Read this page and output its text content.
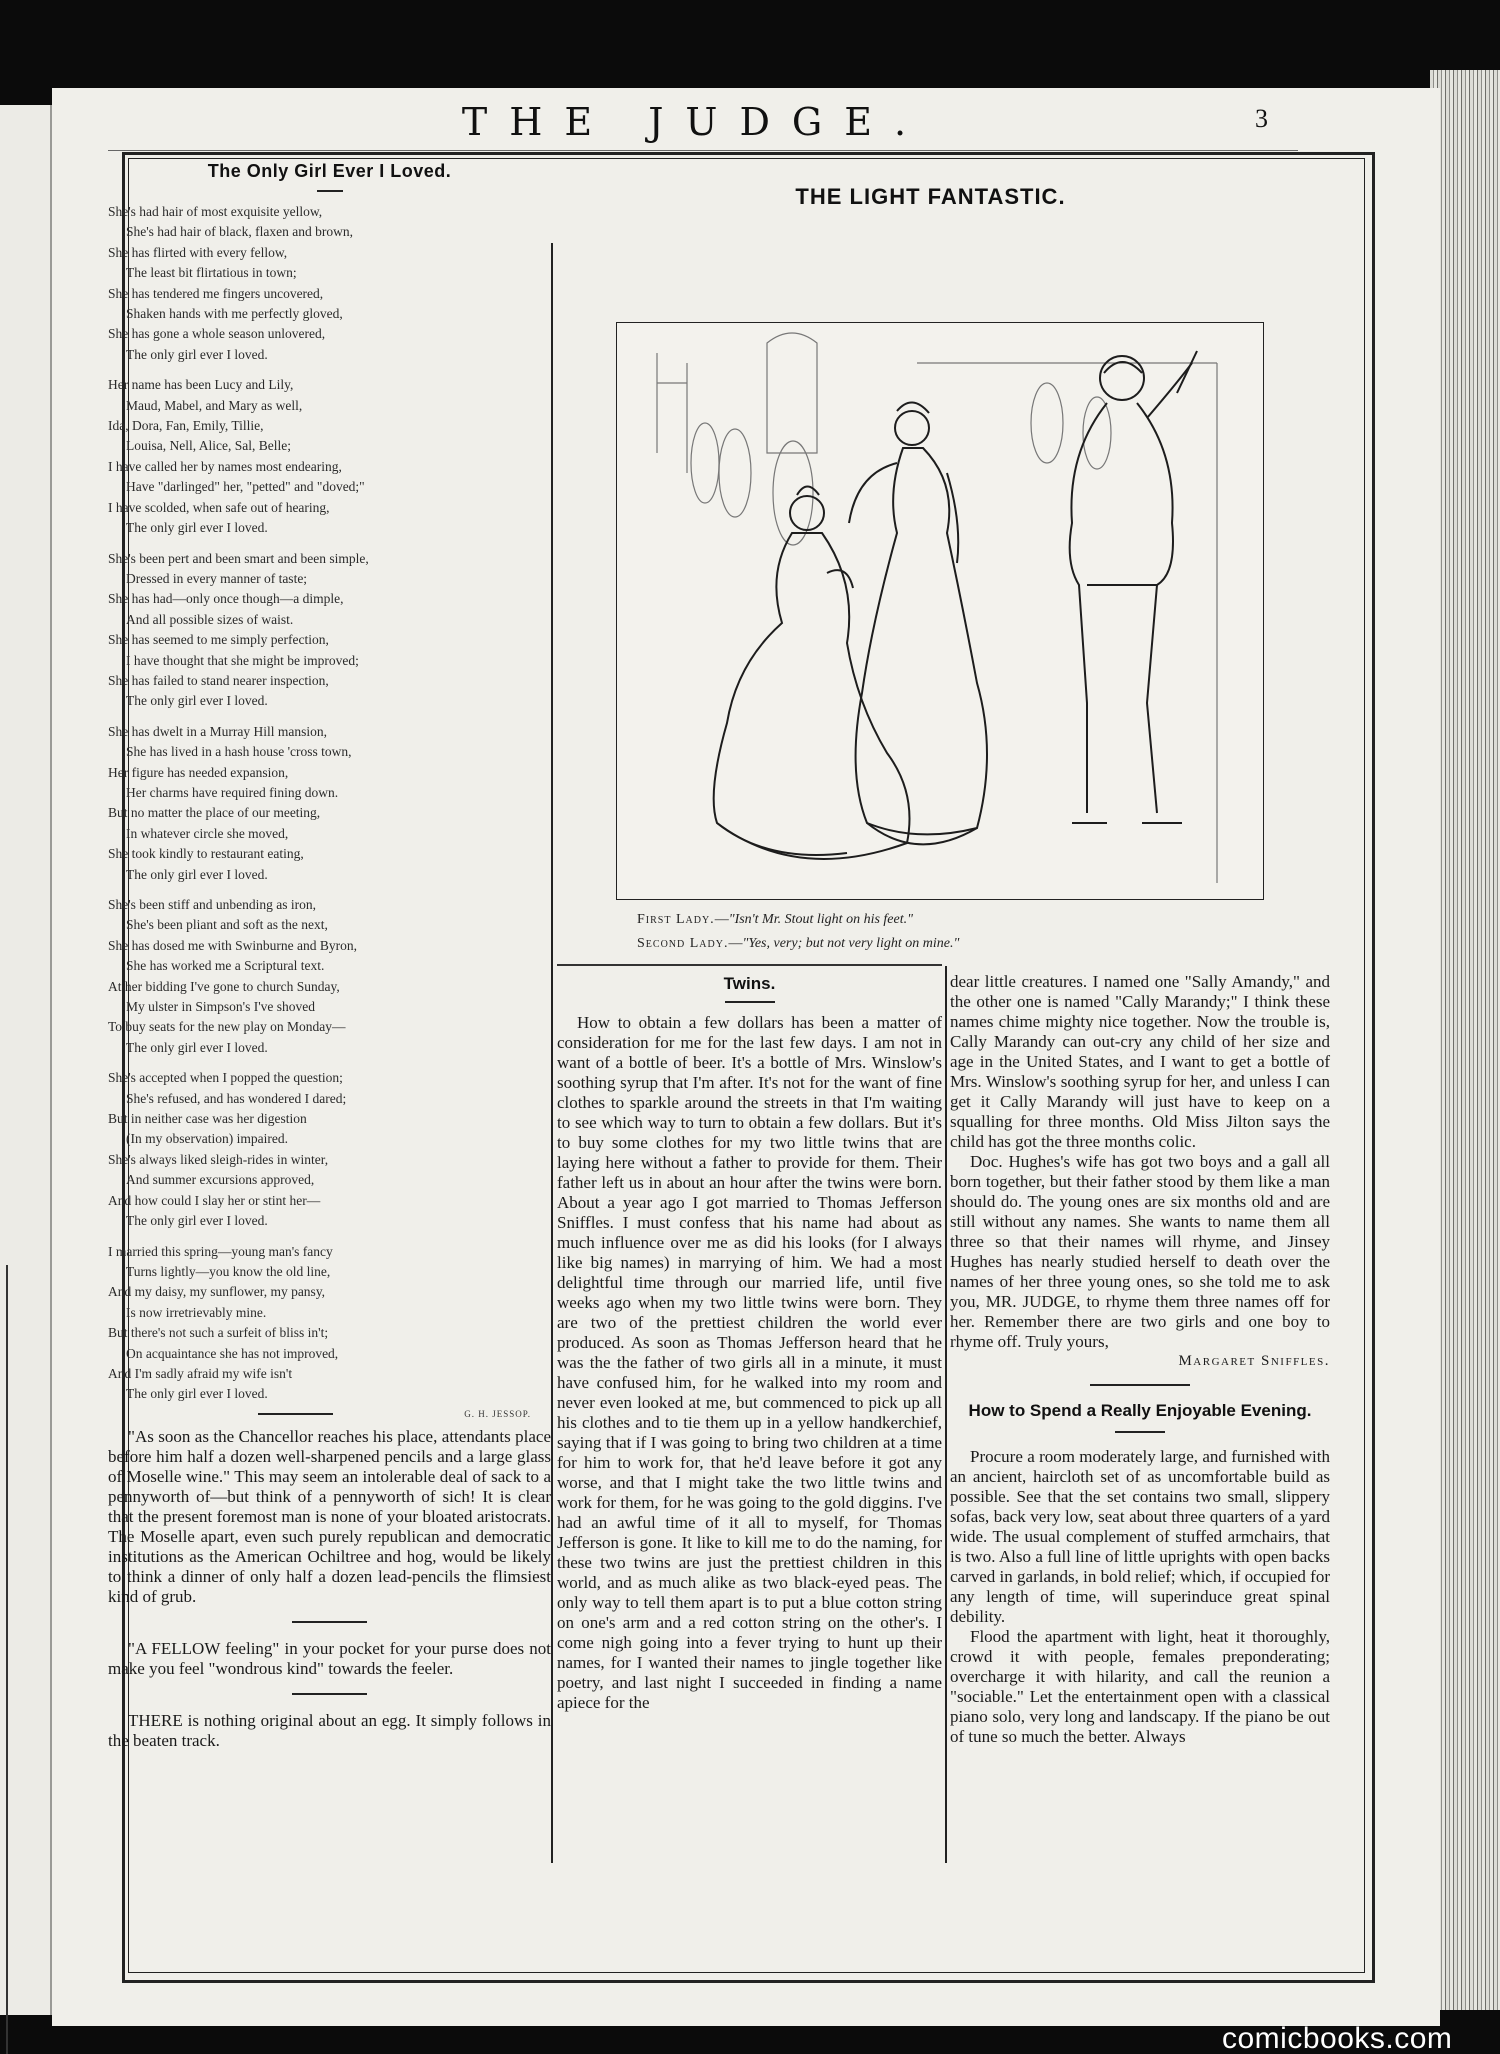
THE JUDGE.	3
The Only Girl Ever I Loved.
She's had hair of most exquisite yellow,
She's had hair of black, flaxen and brown,
She has flirted with every fellow,
The least bit flirtatious in town;
She has tendered me fingers uncovered,
Shaken hands with me perfectly gloved,
She has gone a whole season unlovered,
The only girl ever I loved.
Her name has been Lucy and Lily,
Maud, Mabel, and Mary as well,
Ida, Dora, Fan, Emily, Tillie,
Louisa, Nell, Alice, Sal, Belle;
I have called her by names most endearing,
Have "darlinged" her, "petted" and "doved;"
I have scolded, when safe out of hearing,
The only girl ever I loved.
She's been pert and been smart and been simple,
Dressed in every manner of taste;
She has had—only once though—a dimple,
And all possible sizes of waist.
She has seemed to me simply perfection,
I have thought that she might be improved;
She has failed to stand nearer inspection,
The only girl ever I loved.
She has dwelt in a Murray Hill mansion,
She has lived in a hash house 'cross town,
Her figure has needed expansion,
Her charms have required fining down.
But no matter the place of our meeting,
In whatever circle she moved,
She took kindly to restaurant eating,
The only girl ever I loved.
She's been stiff and unbending as iron,
She's been pliant and soft as the next,
She has dosed me with Swinburne and Byron,
She has worked me a Scriptural text.
At her bidding I've gone to church Sunday,
My ulster in Simpson's I've shoved
To buy seats for the new play on Monday—
The only girl ever I loved.
She's accepted when I popped the question;
She's refused, and has wondered I dared;
But in neither case was her digestion
(In my observation) impaired.
She's always liked sleigh-rides in winter,
And summer excursions approved,
And how could I slay her or stint her—
The only girl ever I loved.
I married this spring—young man's fancy
Turns lightly—you know the old line,
And my daisy, my sunflower, my pansy,
Is now irretrievably mine.
But there's not such a surfeit of bliss in't;
On acquaintance she has not improved,
And I'm sadly afraid my wife isn't
The only girl ever I loved.
G. H. JESSOP.

"As soon as the Chancellor reaches his place, attendants place before him half a dozen well-sharpened pencils and a large glass of Moselle wine." This may seem an intolerable deal of sack to a pennyworth of—but think of a pennyworth of sich! It is clear that the present foremost man is none of your bloated aristocrats. The Moselle apart, even such purely republican and democratic institutions as the American Ochiltree and hog, would be likely to think a dinner of only half a dozen lead-pencils the flimsiest kind of grub.

"A FELLOW feeling" in your pocket for your purse does not make you feel "wondrous kind" towards the feeler.

THERE is nothing original about an egg. It simply follows in the beaten track.

THE LIGHT FANTASTIC.
First Lady.—"Isn't Mr. Stout light on his feet."
Second Lady.—"Yes, very; but not very light on mine."
Twins.

How to obtain a few dollars has been a matter of consideration for me for the last few days. I am not in want of a bottle of beer. It's a bottle of Mrs. Winslow's soothing syrup that I'm after. It's not for the want of fine clothes to sparkle around the streets in that I'm waiting to see which way to turn to obtain a few dollars. But it's to buy some clothes for my two little twins that are laying here without a father to provide for them. Their father left us in about an hour after the twins were born. About a year ago I got married to Thomas Jefferson Sniffles. I must confess that his name had about as much influence over me as did his looks (for I always like big names) in marrying of him. We had a most delightful time through our married life, until five weeks ago when my two little twins were born. They are two of the prettiest children the world ever produced. As soon as Thomas Jefferson heard that he was the the father of two girls all in a minute, it must have confused him, for he walked into my room and never even looked at me, but commenced to pick up all his clothes and to tie them up in a yellow handkerchief, saying that if I was going to bring two children at a time for him to work for, that he'd leave before it got any worse, and that I might take the two little twins and work for them, for he was going to the gold diggins. I've had an awful time of it all to myself, for Thomas Jefferson is gone. It like to kill me to do the naming, for these two twins are just the prettiest children in this world, and as much alike as two black-eyed peas. The only way to tell them apart is to put a blue cotton string on one's arm and a red cotton string on the other's. I come nigh going into a fever trying to hunt up their names, for I wanted their names to jingle together like poetry, and last night I succeeded in finding a name apiece for the

dear little creatures. I named one "Sally Amandy," and the other one is named "Cally Marandy;" I think these names chime mighty nice together. Now the trouble is, Cally Marandy can out-cry any child of her size and age in the United States, and I want to get a bottle of Mrs. Winslow's soothing syrup for her, and unless I can get it Cally Marandy will just have to keep on a squalling for three months. Old Miss Jilton says the child has got the three months colic.

Doc. Hughes's wife has got two boys and a gall all born together, but their father stood by them like a man should do. The young ones are six months old and are still without any names. She wants to name them all three so that their names will rhyme, and Jinsey Hughes has nearly studied herself to death over the names of her three young ones, so she told me to ask you, MR. JUDGE, to rhyme them three names off for her. Remember there are two girls and one boy to rhyme off. Truly yours,

Margaret Sniffles.
How to Spend a Really Enjoyable Evening.

Procure a room moderately large, and furnished with an ancient, haircloth set of as uncomfortable build as possible. See that the set contains two small, slippery sofas, back very low, seat about three quarters of a yard wide. The usual complement of stuffed armchairs, that is two. Also a full line of little uprights with open backs carved in garlands, in bold relief; which, if occupied for any length of time, will superinduce great spinal debility.

Flood the apartment with light, heat it thoroughly, crowd it with people, females preponderating; overcharge it with hilarity, and call the reunion a "sociable." Let the entertainment open with a classical piano solo, very long and landscapy. If the piano be out of tune so much the better. Always

comicbooks.com
